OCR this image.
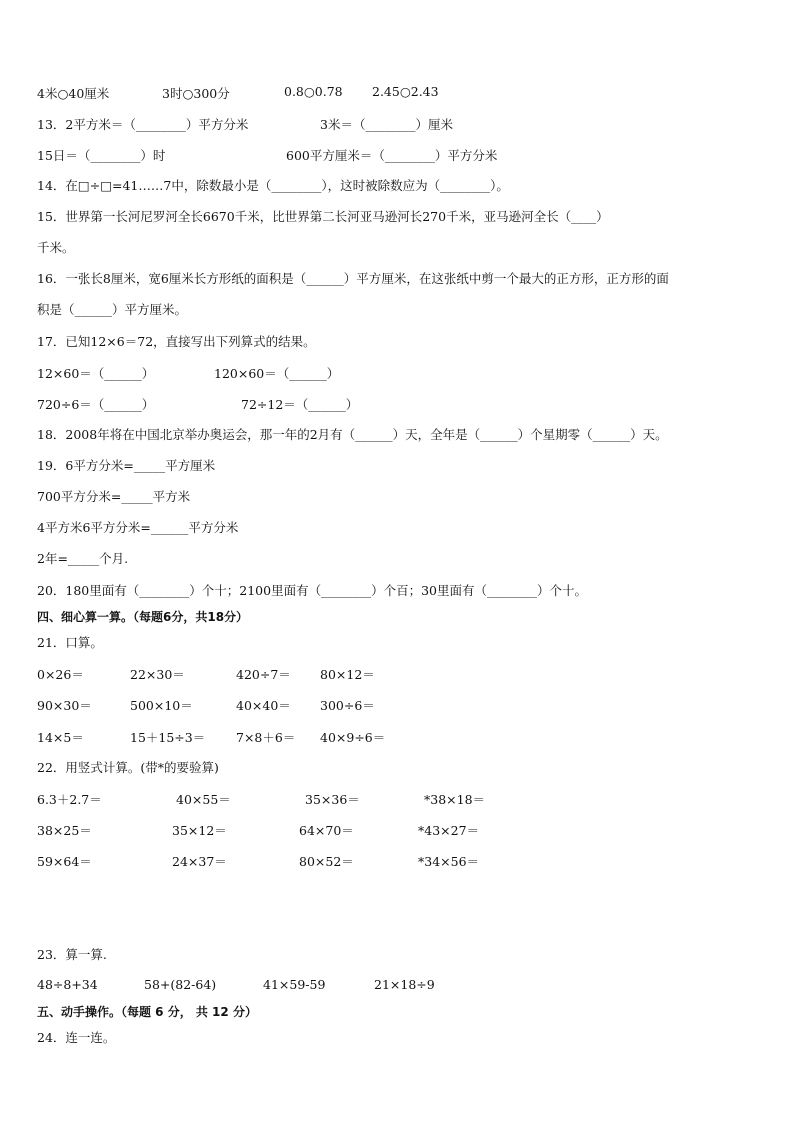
4米○40厘米	3时○300分	0.8○0.78 2.45○2.43
13．2平方米＝（________）平方分米	3米＝（________）厘米
15日＝（________）时	600平方厘米＝（________）平方分米
14．在□÷□=41……7中，除数最小是（________），这时被除数应为（________）。
15．世界第一长河尼罗河全长6670千米，比世界第二长河亚马逊河长270千米，亚马逊河全长（____）
千米。
16．一张长8厘米，宽6厘米长方形纸的面积是（______）平方厘米，在这张纸中剪一个最大的正方形，正方形的面
积是（______）平方厘米。
17．已知12×6＝72，直接写出下列算式的结果。
12×60＝（______）	120×60＝（______）
720÷6＝（______）	72÷12＝（______）
18．2008年将在中国北京举办奥运会，那一年的2月有（______）天，全年是（______）个星期零（______）天。
19．6平方分米=_____平方厘米
700平方分米=_____平方米
4平方米6平方分米=______平方分米
2年=_____个月.
20．180里面有（________）个十；2100里面有（________）个百；30里面有（________）个十。
四、细心算一算。（每题6分，共18分）
21．口算。
0×26＝	22×30＝	420÷7＝ 80×12＝
90×30＝	500×10＝	40×40＝ 300÷6＝
14×5＝	15＋15÷3＝ 7×8＋6＝ 40×9÷6＝
22．用竖式计算。(带*的要验算)
6.3＋2.7＝	40×55＝	35×36＝	*38×18＝
38×25＝	35×12＝	64×70＝	*43×27＝
59×64＝	24×37＝	80×52＝	*34×56＝
23．算一算.
48÷8+34	58+(82-64)	41×59-59	21×18÷9
五、动手操作。（每题 6 分， 共 12 分）
24．连一连。
